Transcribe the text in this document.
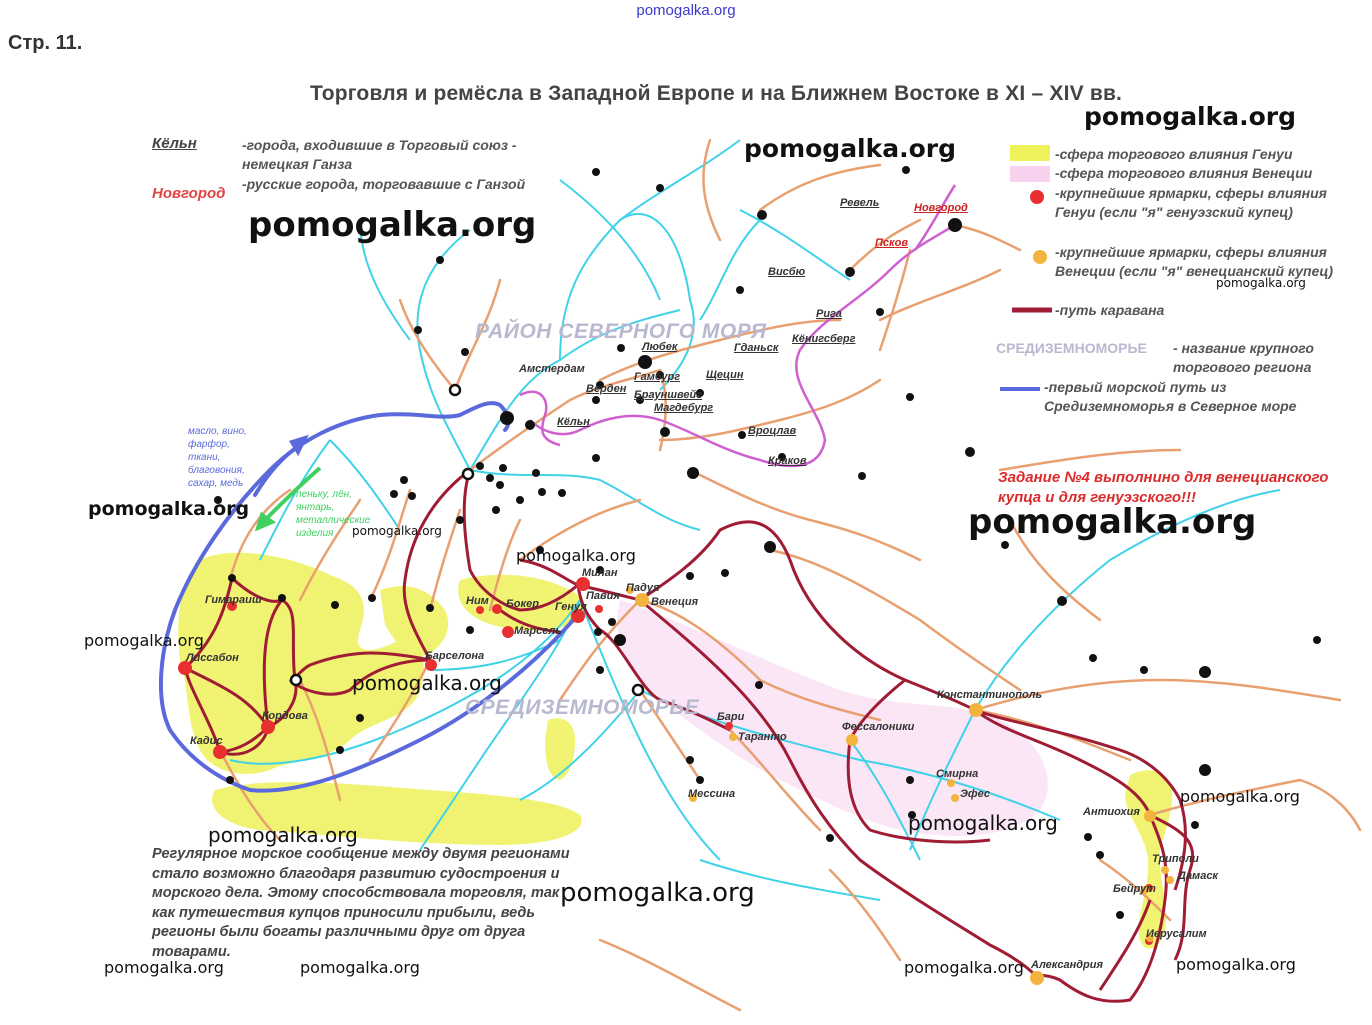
pomogalka.org
Стр. 11.
Торговля и ремёсла в Западной Европе и на Ближнем Востоке в XI – XIV вв.
Кёльн	-города, входившие в Торговый союз - немецкая Ганза
Новгород
-русские города, торговавшие с Ганзой
-сфера торгового влияния Генуи
-сфера торгового влияния Венеции
-крупнейшие ярмарки, сферы влияния Генуи (если "я" генуэзский купец)
-крупнейшие ярмарки, сферы влияния Венеции (если "я" венецианский купец)
-путь каравана
СРЕДИЗЕМНОМОРЬЕ - название крупного торгового региона
-первый морской путь из Средиземноморья в Северное море
РАЙОН СЕВЕРНОГО МОРЯ
СРЕДИЗЕМНОМОРЬЕ
Ревель	Новгород
Псков
Висбю
Рига
Кёнигсберг
Гданьск
Любек
Гамбург
Амстердам
Верден Брауншвейг
Магдебург
Щецин
Кёльн
Вроцлав
Краков
Милан
Падуя
Павия	Венеция
Генуя
Ним Бокер
Марсель
Барселона
Гимараиш
Лиссабон
Кордова
Кадис
Бари
Таранто
Мессина
Константинополь
Фессалоники
Смирна
Эфес
Антиохия
Триполи
Дамаск
Бейрут
Иерусалим
Александрия
масло, вино,
фарфор,
ткани,
благовония,
сахар, медь
пеньку, лён,
янтарь,
металлические
изделия
Задание №4 выполнино для венецианского купца и для генуэзского!!!
Регулярное морское сообщение между двумя регионами стало возможно благодаря развитию судостроения и морского дела. Этому способствовала торговля, так как путешествия купцов приносили прибыли, ведь регионы были богаты различными друг от друга товарами.
pomogalka.org
pomogalka.org
pomogalka.org
pomogalka.org
pomogalka.org
pomogalka.org
pomogalka.org
pomogalka.org
pomogalka.org
pomogalka.org
pomogalka.org
pomogalka.org
pomogalka.org
pomogalka.org
pomogalka.org	pomogalka.org	pomogalka.org	pomogalka.org
